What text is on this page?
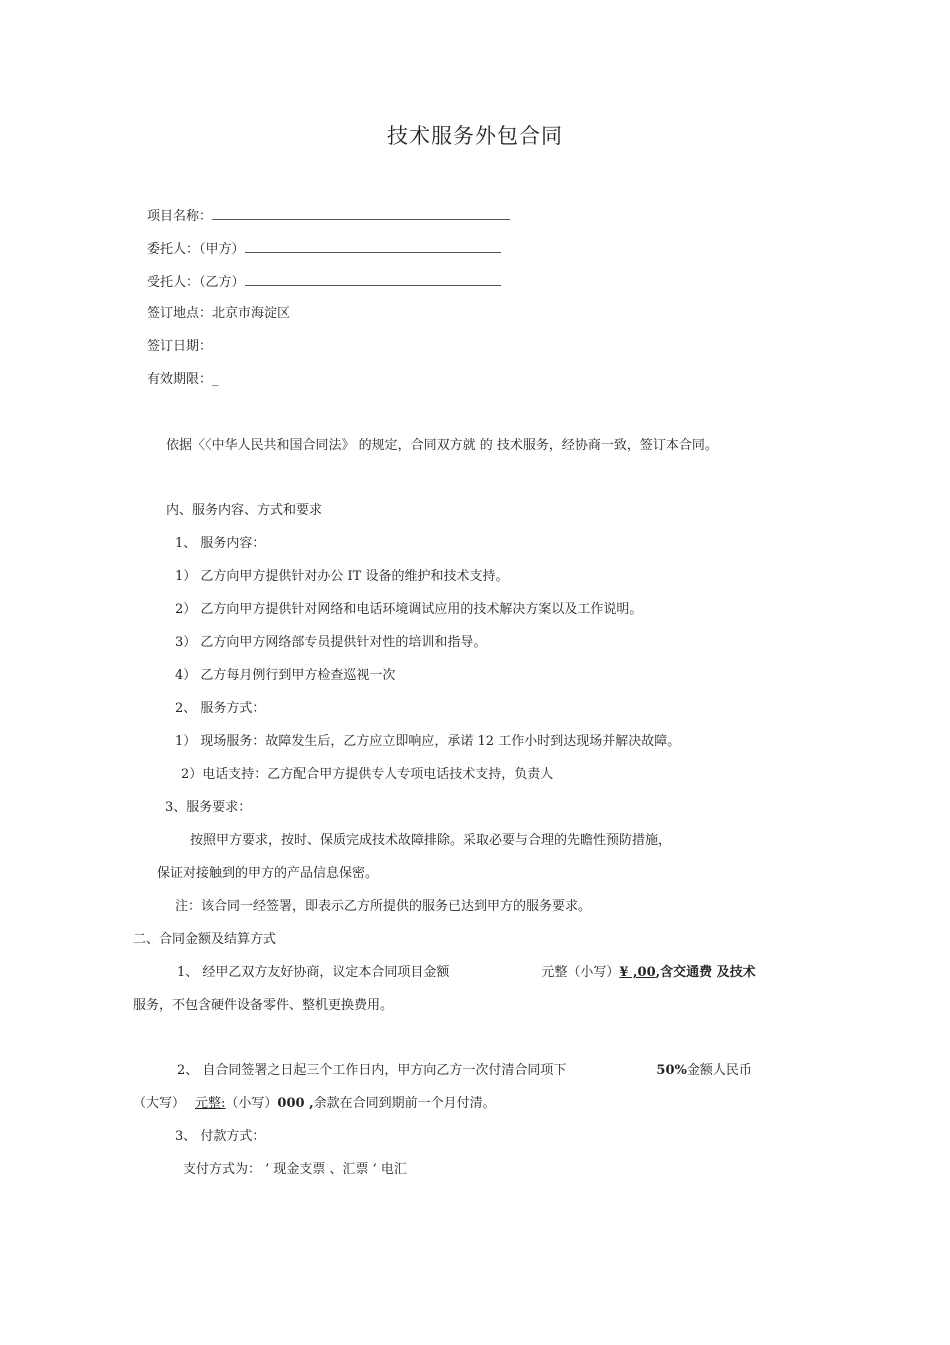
技术服务外包合同
项目名称：
委托人：（甲方）
受托人：（乙方）
签订地点：北京市海淀区
签订日期：
有效期限：_
依据〈〈中华人民共和国合同法》 的规定，合同双方就 的 技术服务，经协商一致，签订本合同。
内、服务内容、方式和要求
1、 服务内容：
1） 乙方向甲方提供针对办公 IT 设备的维护和技术支持。
2） 乙方向甲方提供针对网络和电话环境调试应用的技术解决方案以及工作说明。
3） 乙方向甲方网络部专员提供针对性的培训和指导。
4） 乙方每月例行到甲方检查巡视一次
2、 服务方式：
1） 现场服务：故障发生后，乙方应立即响应，承诺 12 工作小时到达现场并解决故障。
2）电话支持：乙方配合甲方提供专人专项电话技术支持，负责人
3、服务要求：
按照甲方要求，按时、保质完成技术故障排除。采取必要与合理的先瞻性预防措施，
保证对接触到的甲方的产品信息保密。
注：该合同一经签署，即表示乙方所提供的服务已达到甲方的服务要求。
二、合同金额及结算方式
1、 经甲乙双方友好协商，议定本合同项目金额	元整（小写）¥ ,00,含交通费 及技术
服务，不包含硬件设备零件、整机更换费用。
2、 自合同签署之日起三个工作日内，甲方向乙方一次付清合同项下	50%金额人民币
（大写） 元整:（小写）000 ,余款在合同到期前一个月付清。
3、 付款方式：
支付方式为： ’ 现金支票 、汇票 ’ 电汇
